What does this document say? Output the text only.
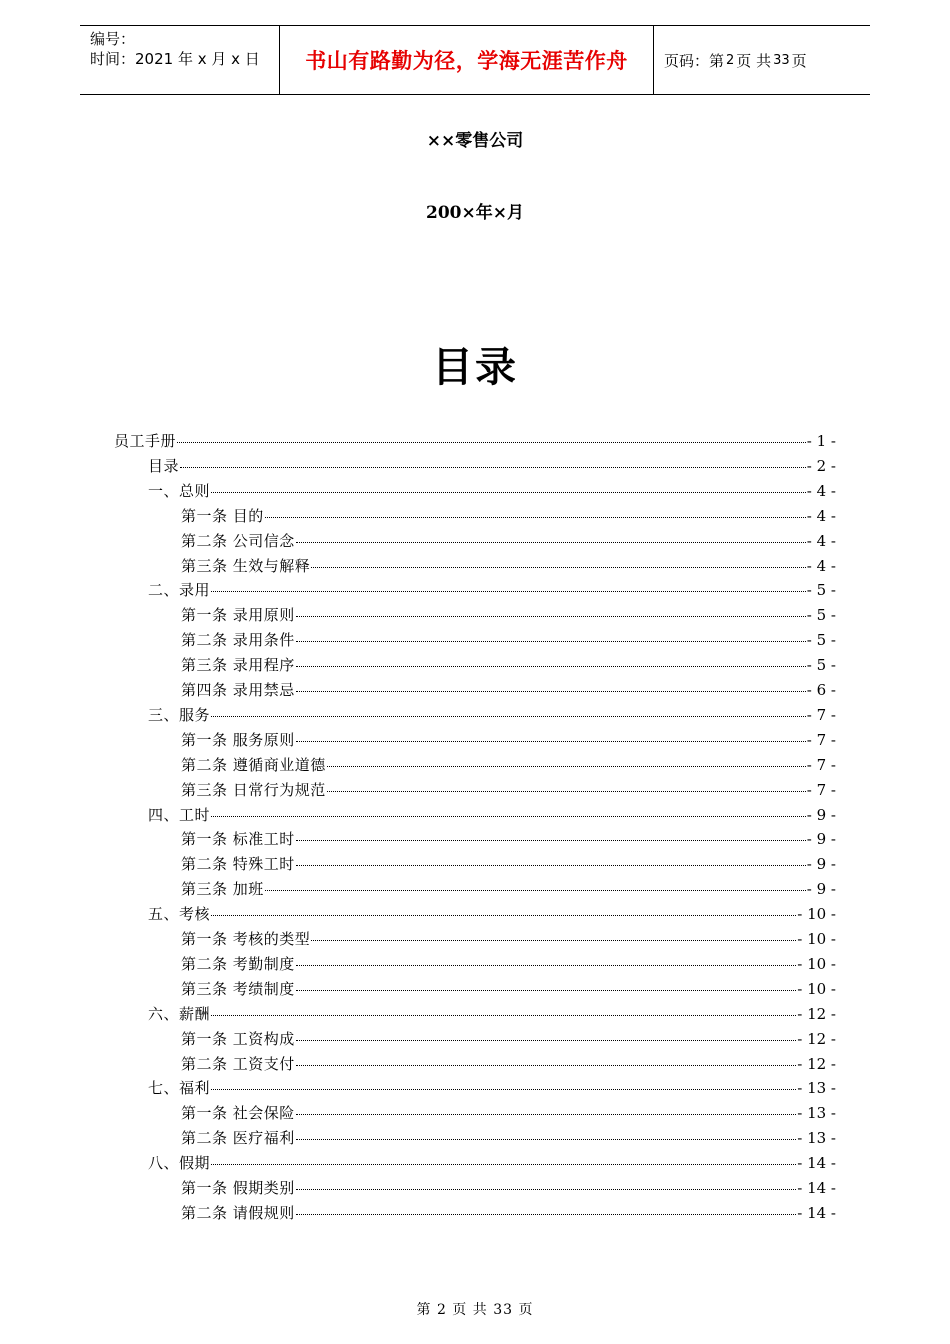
编号：
时间：2021 年 x 月 x 日	书山有路勤为径，学海无涯苦作舟	页码：第 2 页 共 33 页
××零售公司
200×年×月
目录
员工手册	- 1 -
目录	- 2 -
一、总则	- 4 -
第一条 目的	- 4 -
第二条 公司信念	- 4 -
第三条 生效与解释	- 4 -
二、录用	- 5 -
第一条 录用原则	- 5 -
第二条 录用条件	- 5 -
第三条 录用程序	- 5 -
第四条 录用禁忌	- 6 -
三、服务	- 7 -
第一条 服务原则	- 7 -
第二条 遵循商业道德	- 7 -
第三条 日常行为规范	- 7 -
四、工时	- 9 -
第一条 标准工时	- 9 -
第二条 特殊工时	- 9 -
第三条 加班	- 9 -
五、考核	- 10 -
第一条 考核的类型	- 10 -
第二条 考勤制度	- 10 -
第三条 考绩制度	- 10 -
六、薪酬	- 12 -
第一条 工资构成	- 12 -
第二条 工资支付	- 12 -
七、福利	- 13 -
第一条 社会保险	- 13 -
第二条 医疗福利	- 13 -
八、假期	- 14 -
第一条 假期类别	- 14 -
第二条 请假规则	- 14 -
第 2 页 共 33 页
